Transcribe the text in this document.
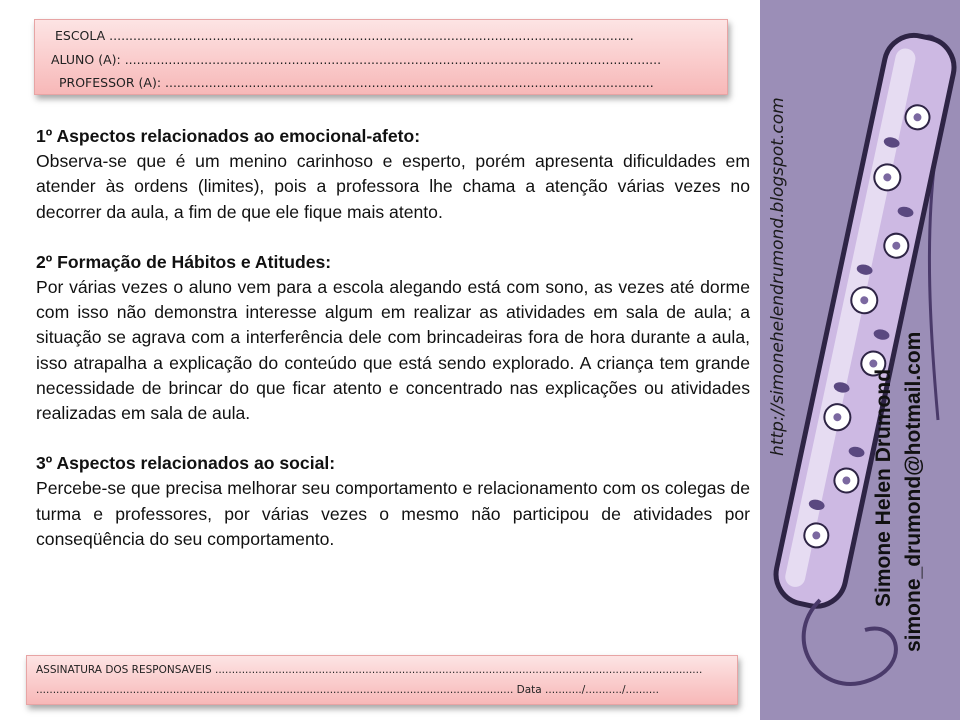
ESCOLA ....................................................................................................................................
ALUNO (A): .......................................................................................................................................
PROFESSOR (A): ...........................................................................................................................
1º Aspectos relacionados ao emocional-afeto:

Observa-se que é um menino carinhoso e esperto, porém apresenta dificuldades em atender às ordens (limites), pois a professora lhe chama a atenção várias vezes no decorrer da aula, a fim de que ele fique mais atento.

2º Formação de Hábitos e Atitudes:

Por várias vezes o aluno vem para a escola alegando está com sono, as vezes até dorme com isso não demonstra interesse algum em realizar as atividades em sala de aula; a situação se agrava com a interferência dele com brincadeiras fora de hora durante a aula, isso atrapalha a explicação do conteúdo que está sendo explorado. A criança tem grande necessidade de brincar do que ficar atento e concentrado nas explicações ou atividades realizadas em sala de aula.

3º Aspectos relacionados ao social:

Percebe-se que precisa melhorar seu comportamento e relacionamento com os colegas de turma e professores, por várias vezes o mesmo não participou de atividades por conseqüência do seu comportamento.

ASSINATURA DOS RESPONSAVEIS ..................................................................................................................................................
............................................................................................................................................... Data .........../.........../..........
http://simonehelendrumond.blogspot.com
Simone Helen Drumond simone_drumond@hotmail.com
